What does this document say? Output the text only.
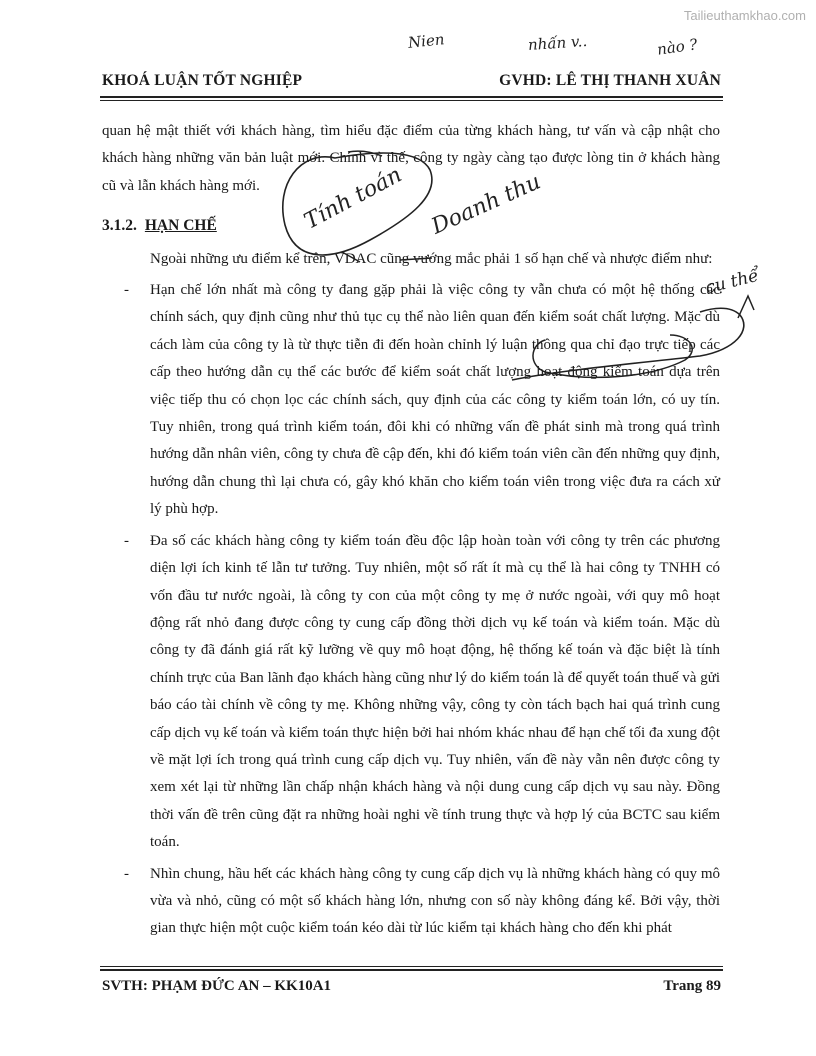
Tailieuthamkhao.com
Nien	nhấn v..	nào ?
Tính toán Doanh thu
cụ thể
KHOÁ LUẬN TỐT NGHIỆP	GVHD: LÊ THỊ THANH XUÂN

quan hệ mật thiết với khách hàng, tìm hiểu đặc điểm của từng khách hàng, tư vấn và cập nhật cho khách hàng những văn bản luật mới. Chính vì thế, công ty ngày càng tạo được lòng tin ở khách hàng cũ và lẫn khách hàng mới.

3.1.2. HẠN CHẾ

Ngoài những ưu điểm kể trên, VDAC cũng vướng mắc phải 1 số hạn chế và nhược điểm như:

- Hạn chế lớn nhất mà công ty đang gặp phải là việc công ty vẫn chưa có một hệ thống các chính sách, quy định cũng như thủ tục cụ thể nào liên quan đến kiểm soát chất lượng. Mặc dù cách làm của công ty là từ thực tiễn đi đến hoàn chỉnh lý luận thông qua chỉ đạo trực tiếp các cấp theo hướng dẫn cụ thể các bước để kiểm soát chất lượng hoạt động kiểm toán dựa trên việc tiếp thu có chọn lọc các chính sách, quy định của các công ty kiểm toán lớn, có uy tín. Tuy nhiên, trong quá trình kiểm toán, đôi khi có những vấn đề phát sinh mà trong quá trình hướng dẫn nhân viên, công ty chưa đề cập đến, khi đó kiểm toán viên cần đến những quy định, hướng dẫn chung thì lại chưa có, gây khó khăn cho kiểm toán viên trong việc đưa ra cách xử lý phù hợp.
- Đa số các khách hàng công ty kiểm toán đều độc lập hoàn toàn với công ty trên các phương diện lợi ích kinh tế lẫn tư tưởng. Tuy nhiên, một số rất ít mà cụ thể là hai công ty TNHH có vốn đầu tư nước ngoài, là công ty con của một công ty mẹ ở nước ngoài, với quy mô hoạt động rất nhỏ đang được công ty cung cấp đồng thời dịch vụ kế toán và kiểm toán. Mặc dù công ty đã đánh giá rất kỹ lưỡng về quy mô hoạt động, hệ thống kế toán và đặc biệt là tính chính trực của Ban lãnh đạo khách hàng cũng như lý do kiểm toán là để quyết toán thuế và gửi báo cáo tài chính về công ty mẹ. Không những vậy, công ty còn tách bạch hai quá trình cung cấp dịch vụ kế toán và kiểm toán thực hiện bởi hai nhóm khác nhau để hạn chế tối đa xung đột về mặt lợi ích trong quá trình cung cấp dịch vụ. Tuy nhiên, vấn đề này vẫn nên được công ty xem xét lại từ những lần chấp nhận khách hàng và nội dung cung cấp dịch vụ sau này. Đồng thời vấn đề trên cũng đặt ra những hoài nghi về tính trung thực và hợp lý của BCTC sau kiểm toán.
- Nhìn chung, hầu hết các khách hàng công ty cung cấp dịch vụ là những khách hàng có quy mô vừa và nhỏ, cũng có một số khách hàng lớn, nhưng con số này không đáng kể. Bởi vậy, thời gian thực hiện một cuộc kiểm toán kéo dài từ lúc kiểm tại khách hàng cho đến khi phát
SVTH: PHẠM ĐỨC AN – KK10A1	Trang 89
